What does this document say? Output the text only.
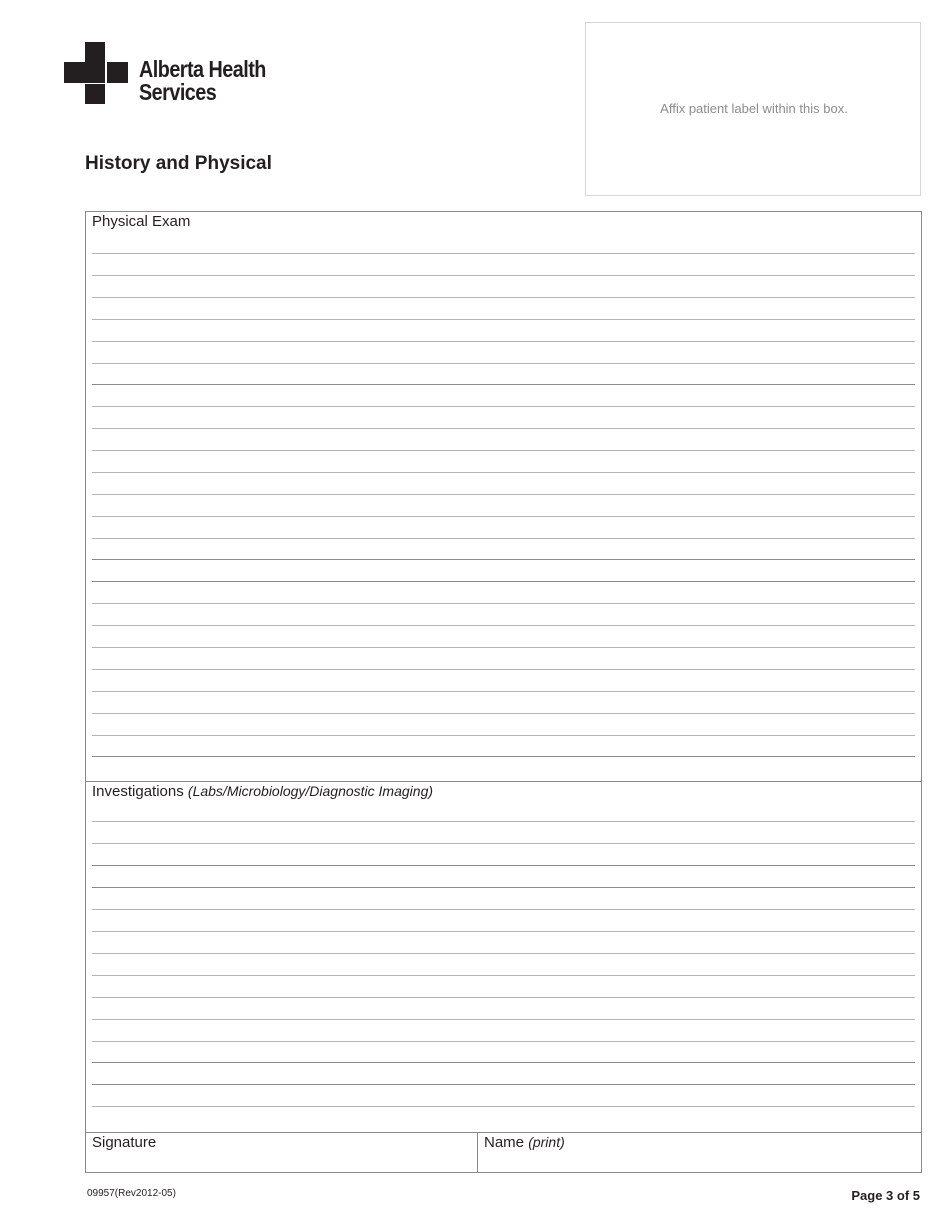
Alberta Health
Services
History and Physical
Affix patient label within this box.
Physical Exam
Investigations (Labs/Microbiology/Diagnostic Imaging)
Signature	Name (print)
09957(Rev2012-05)	Page 3 of 5
